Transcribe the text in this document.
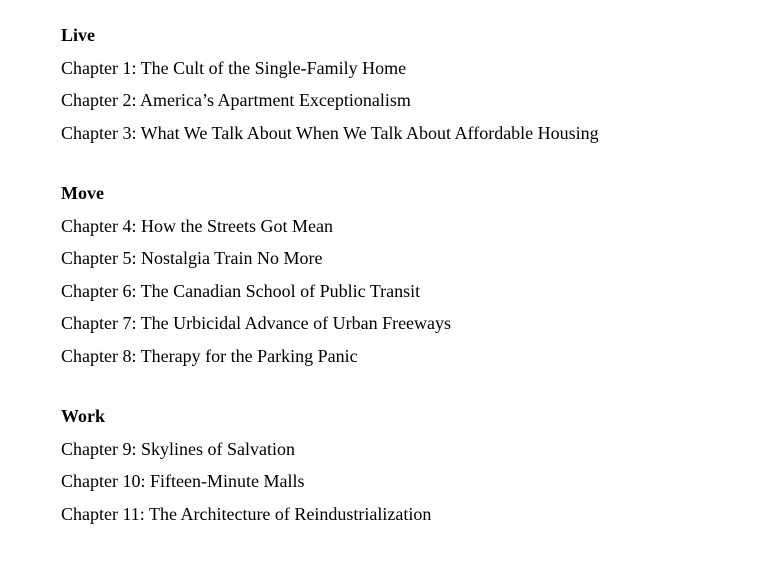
Live
Chapter 1: The Cult of the Single-Family Home
Chapter 2: America’s Apartment Exceptionalism
Chapter 3: What We Talk About When We Talk About Affordable Housing
Move
Chapter 4: How the Streets Got Mean
Chapter 5: Nostalgia Train No More
Chapter 6: The Canadian School of Public Transit
Chapter 7: The Urbicidal Advance of Urban Freeways
Chapter 8: Therapy for the Parking Panic
Work
Chapter 9: Skylines of Salvation
Chapter 10: Fifteen-Minute Malls
Chapter 11: The Architecture of Reindustrialization
